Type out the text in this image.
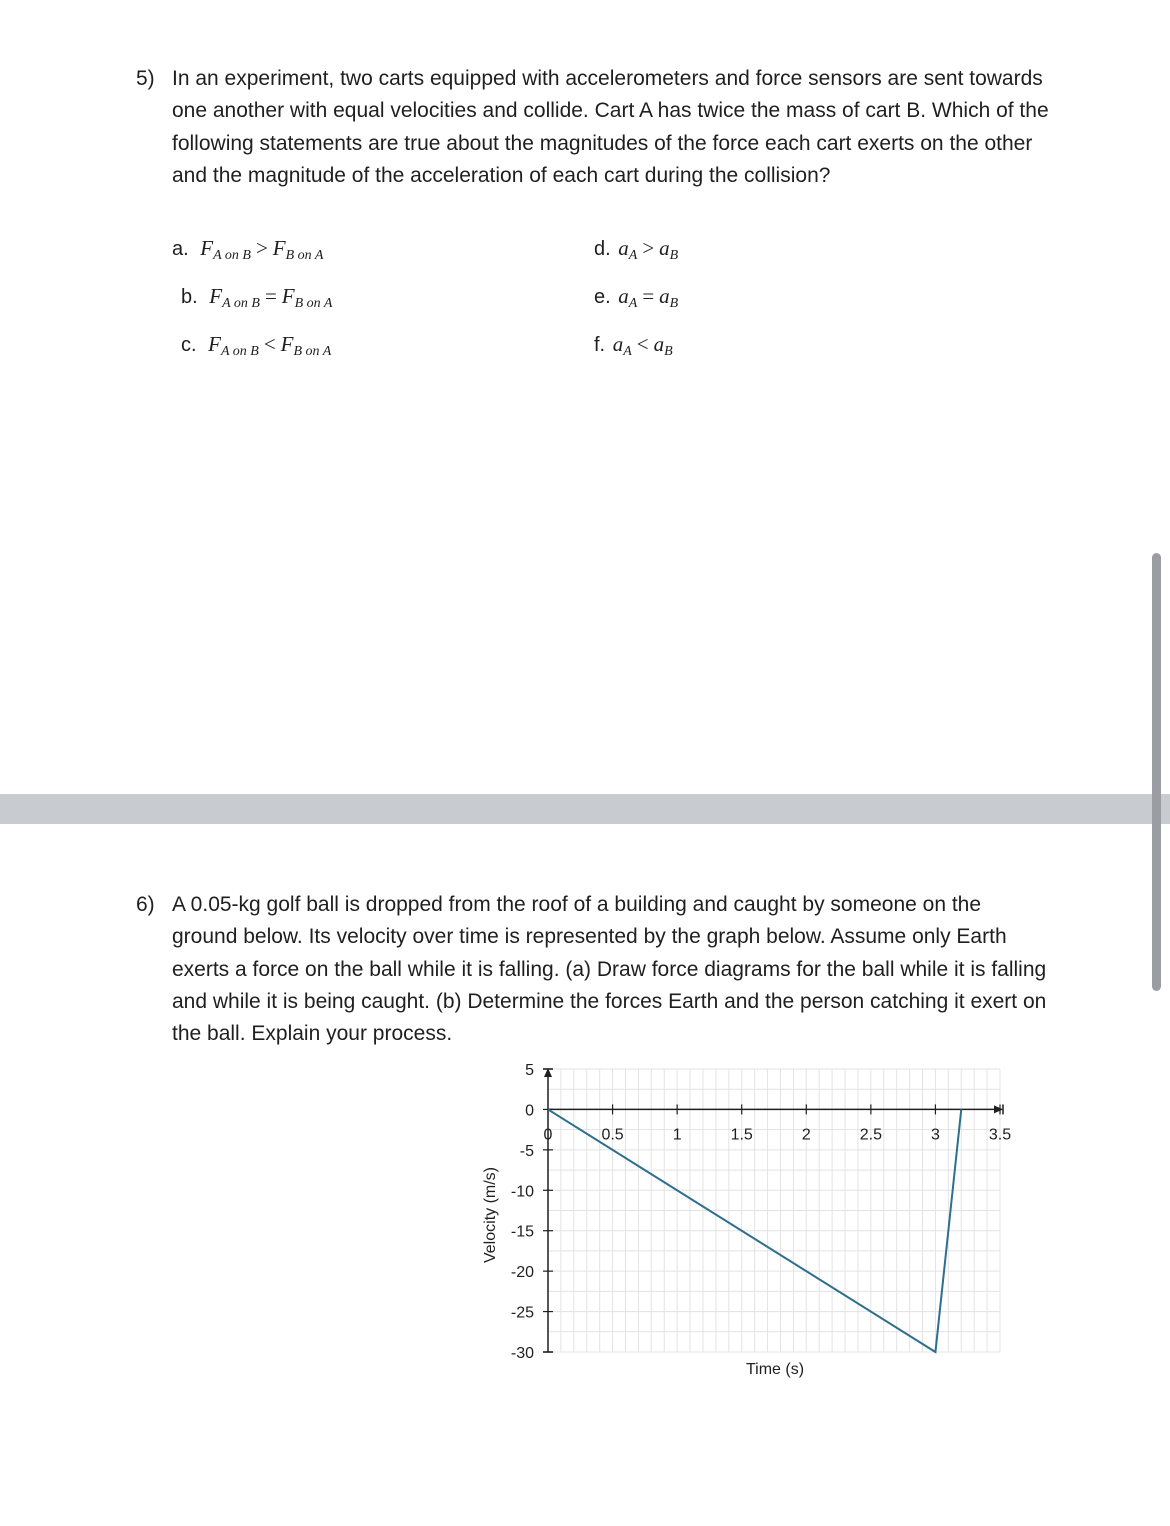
5) In an experiment, two carts equipped with accelerometers and force sensors are sent towards one another with equal velocities and collide. Cart A has twice the mass of cart B. Which of the following statements are true about the magnitudes of the force each cart exerts on the other and the magnitude of the acceleration of each cart during the collision?
a. $F_{A on B} > F_{B on A}$
b. $F_{A on B} = F_{B on A}$
c. $F_{A on B} < F_{B on A}$
d. $a_A > a_B$
e. $a_A = a_B$
f. $a_A < a_B$
6) A 0.05-kg golf ball is dropped from the roof of a building and caught by someone on the ground below. Its velocity over time is represented by the graph below. Assume only Earth exerts a force on the ball while it is falling. (a) Draw force diagrams for the ball while it is falling and while it is being caught. (b) Determine the forces Earth and the person catching it exert on the ball. Explain your process.
5
0
-5
-10
-15
-20
-25
-30
0	0.5	1	1.5	2	2.5	3	3.5
Time (s)
Velocity (m/s)
